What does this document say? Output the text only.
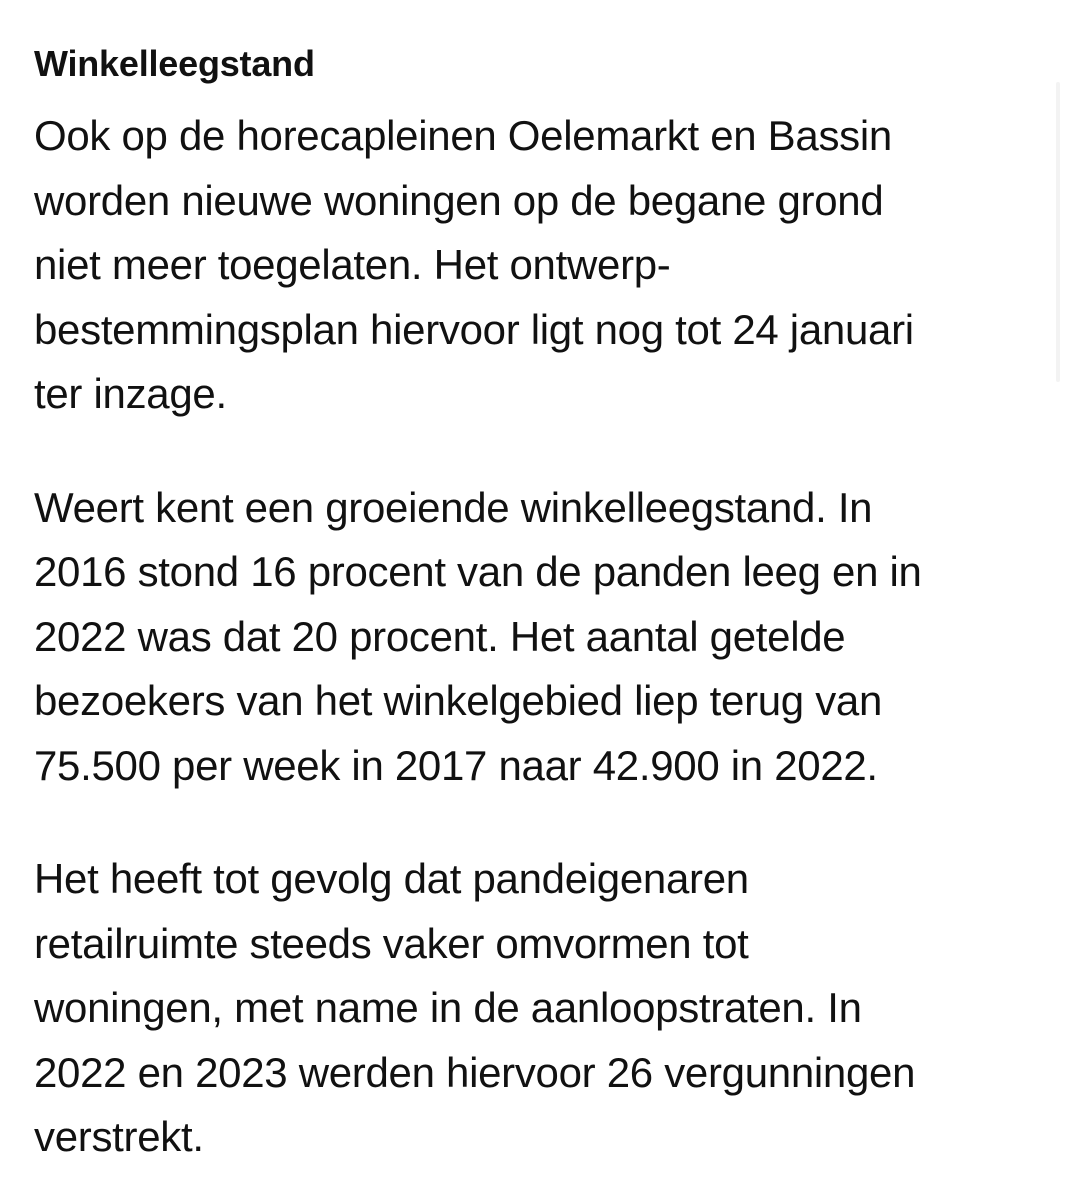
Winkelleegstand

Ook op de horecapleinen Oelemarkt en Bassin
worden nieuwe woningen op de begane grond
niet meer toegelaten. Het ontwerp-
bestemmingsplan hiervoor ligt nog tot 24 januari
ter inzage.

Weert kent een groeiende winkelleegstand. In
2016 stond 16 procent van de panden leeg en in
2022 was dat 20 procent. Het aantal getelde
bezoekers van het winkelgebied liep terug van
75.500 per week in 2017 naar 42.900 in 2022.

Het heeft tot gevolg dat pandeigenaren
retailruimte steeds vaker omvormen tot
woningen, met name in de aanloopstraten. In
2022 en 2023 werden hiervoor 26 vergunningen
verstrekt.
